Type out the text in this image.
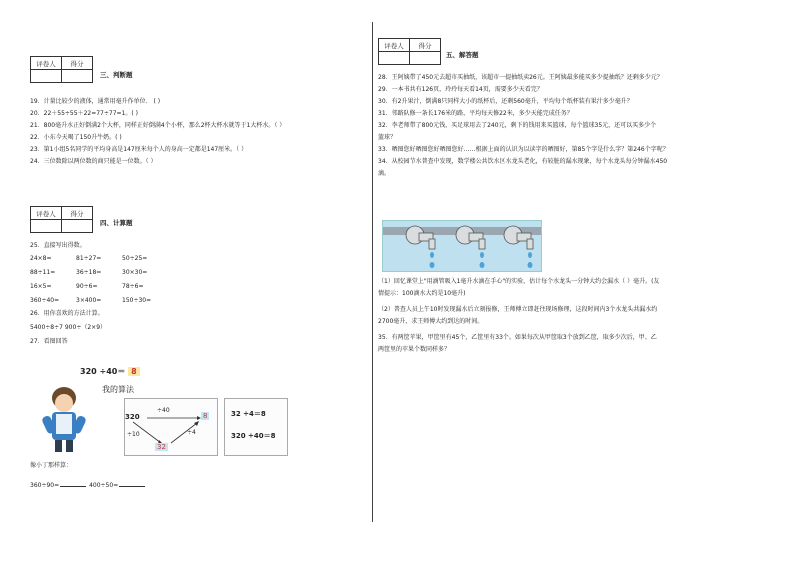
评卷人	得分

三、判断题
19．计量比较少的液体，通常用毫升作单位． ( )
20．22＋55÷55＋22=77÷77=1。( )
21．800毫升水正好倒满2个大杯，同样正好倒满4个小杯，那么2杯大杯水就等于1大杯水。（ ）
22．小东今天喝了150升牛奶。( )
23．第1小组5名同学的平均身高是147厘米每个人的身高一定都是147厘米。（ ）
24．三位数除以两位数的商只能是一位数。（ ）
评卷人	得分

四、计算题
25．直接写出得数。
24×8=	81÷27=	50÷25=
88÷11=	36÷18=	30×30=
16×5=	90÷6=	78÷6=
360÷40=	3×400=	150÷30=
26．用你喜欢的方法计算。
5400÷8÷7 900÷（2×9）
27．看图回答
320 ÷40＝ 8
我的算法
320
÷40
8
÷10	÷4
32
32 ÷4＝8
320 ÷40＝8
像小丁那样算：
360÷90=	400÷50=
评卷人	得分

五、解答题
28．王阿姨带了450元去超市买抽纸，该超市一提抽纸卖26元。王阿姨最多能买多少提抽纸？还剩多少元？
29．一本书共有126页，玲玲每天看14页，需要多少天看完？
30．有2升果汁，倒满8只同样大小的纸杯后，还剩560毫升，平均每个纸杯装有果汁多少毫升？
31．邻路队修一条长176米的路，平均每天修22米，多少天能完成任务？
32．李老师带了800元钱，买足球用去了240元，剩下的钱用来买篮球，每个篮球35元，还可以买多少个
篮球？
33．晒图您好晒图您好晒图您好……根据上面的认识为以读字的晒图好，第85个字是什么字？第246个字呢？
34．从校园节水普查中发现，数学楼公共饮水区水龙头老化，有较脏的漏水现象，每个水龙头每分钟漏水450
滴。
（1）回忆课堂上"用滴管吸入1毫升水滴在手心"的实验，估计每个水龙头一分钟大约会漏水（ ）毫升。(友
情提示：100滴水大约是10毫升)
（2）普查人员上午10时发现漏水后立刻报修，王师傅立即赶往现场修理，这段时间内3个水龙头共漏水约
2700毫升，求王师傅大约到达的时间。
35．有两筐苹果，甲筐里有45个，乙筐里有33个。如果每次从甲筐取3个放到乙筐，取多少次后，甲、乙
两筐里的苹果个数同样多？
